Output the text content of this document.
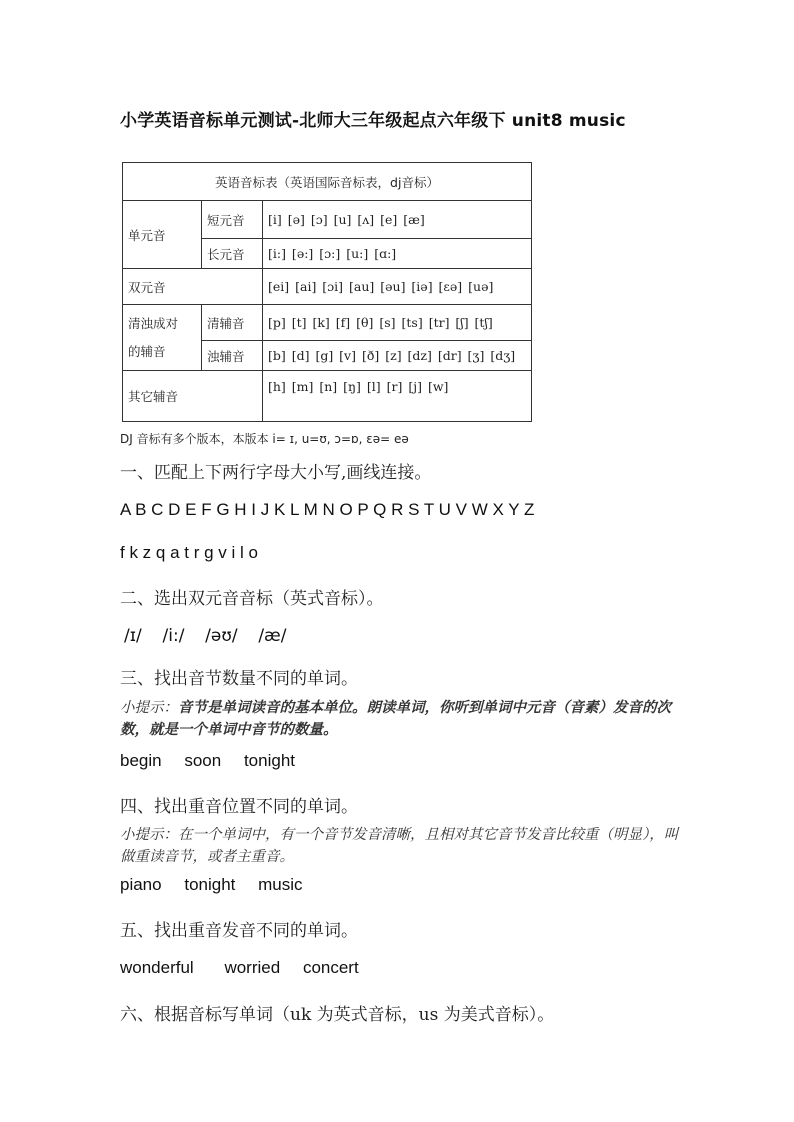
小学英语音标单元测试-北师大三年级起点六年级下 unit8 music
英语音标表（英语国际音标表，dj音标）		
单元音	短元音	[i] [ə] [ɔ] [u] [ʌ] [e] [æ]
	长元音	[i:] [ə:] [ɔ:] [u:] [ɑ:]
双元音		[ei] [ai] [ɔi] [au] [əu] [iə] [ɛə] [uə]

清浊成对
的辅音	清辅音	[p] [t] [k] [f] [θ] [s] [ts] [tr] [ʃ] [tʃ]
	浊辅音	[b] [d] [g] [v] [ð] [z] [dz] [dr] [ʒ] [dʒ]
其它辅音		[h] [m] [n] [ŋ] [l] [r] [j] [w]
DJ 音标有多个版本，本版本 i= ɪ, u=ʊ, ɔ=ɒ, ɛə= eə
一、匹配上下两行字母大小写,画线连接。
A B C D E F G H I J K L M N O P Q R S T U V W X Y Z
f k z q a t r g v i l o
二、选出双元音音标（英式音标）。
/ɪ/ /i:/ /əʊ/ /æ/
三、找出音节数量不同的单词。
小提示：音节是单词读音的基本单位。朗读单词，你听到单词中元音（音素）发音的次数，就是一个单词中音节的数量。
begin soon tonight
四、找出重音位置不同的单词。
小提示：在一个单词中，有一个音节发音清晰，且相对其它音节发音比较重（明显），叫做重读音节，或者主重音。
piano tonight music
五、找出重音发音不同的单词。
wonderful worried concert
六、根据音标写单词（uk 为英式音标，us 为美式音标）。
